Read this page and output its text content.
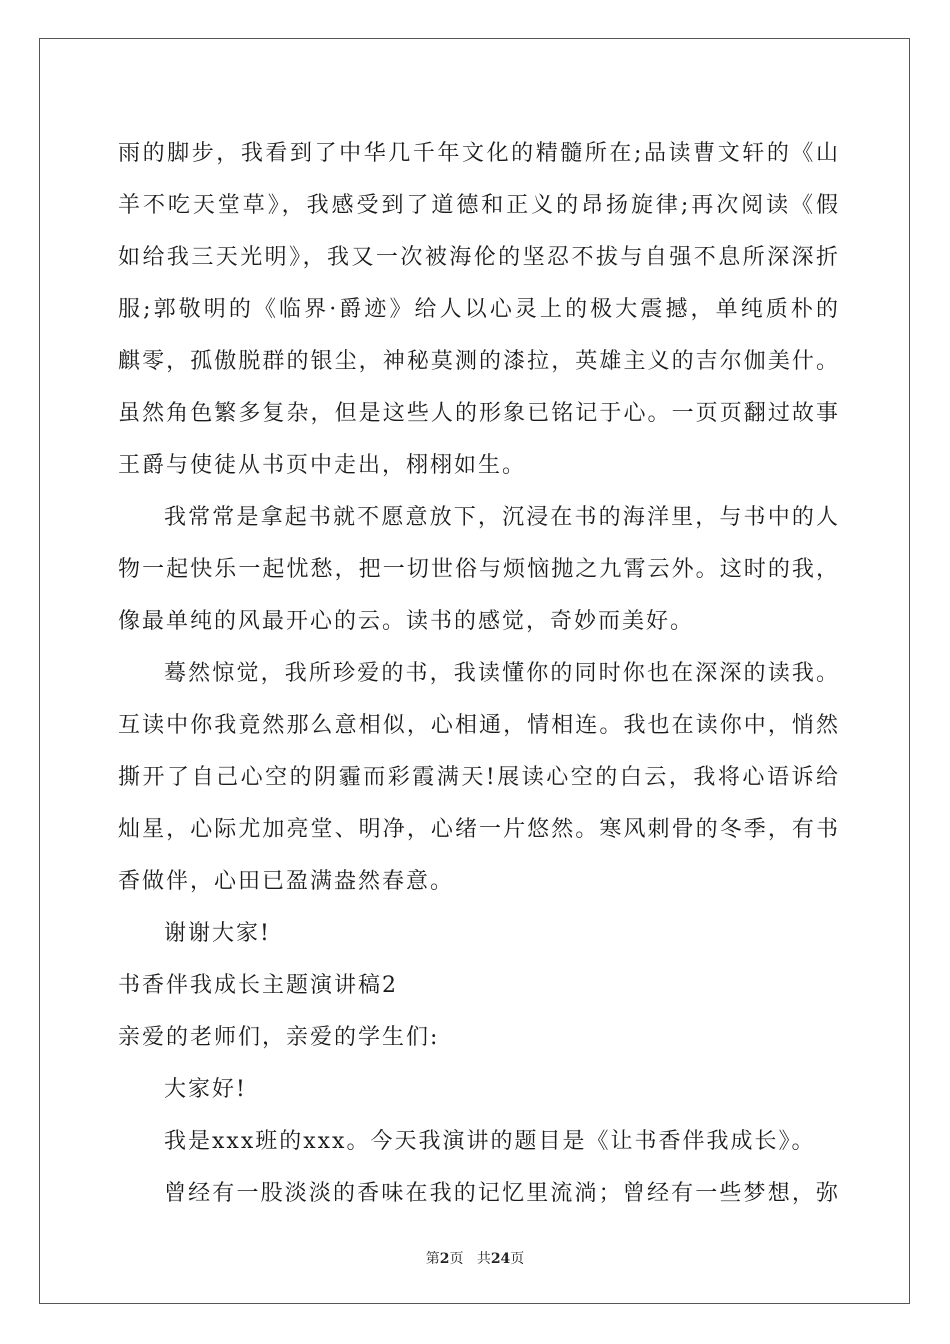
雨的脚步，我看到了中华几千年文化的精髓所在;品读曹文轩的《山
羊不吃天堂草》，我感受到了道德和正义的昂扬旋律;再次阅读《假
如给我三天光明》，我又一次被海伦的坚忍不拔与自强不息所深深折
服;郭敬明的《临界·爵迹》给人以心灵上的极大震撼，单纯质朴的
麒零，孤傲脱群的银尘，神秘莫测的漆拉，英雄主义的吉尔伽美什。
虽然角色繁多复杂，但是这些人的形象已铭记于心。一页页翻过故事
王爵与使徒从书页中走出，栩栩如生。
我常常是拿起书就不愿意放下，沉浸在书的海洋里，与书中的人
物一起快乐一起忧愁，把一切世俗与烦恼抛之九霄云外。这时的我，
像最单纯的风最开心的云。读书的感觉，奇妙而美好。
蓦然惊觉，我所珍爱的书，我读懂你的同时你也在深深的读我。
互读中你我竟然那么意相似，心相通，情相连。我也在读你中，悄然
撕开了自己心空的阴霾而彩霞满天!展读心空的白云，我将心语诉给
灿星，心际尤加亮堂、明净，心绪一片悠然。寒风刺骨的冬季，有书
香做伴，心田已盈满盎然春意。
谢谢大家!
书香伴我成长主题演讲稿2
亲爱的老师们，亲爱的学生们:
大家好!
我是xxx班的xxx。今天我演讲的题目是《让书香伴我成长》。
曾经有一股淡淡的香味在我的记忆里流淌；曾经有一些梦想，弥
第2页 共24页
